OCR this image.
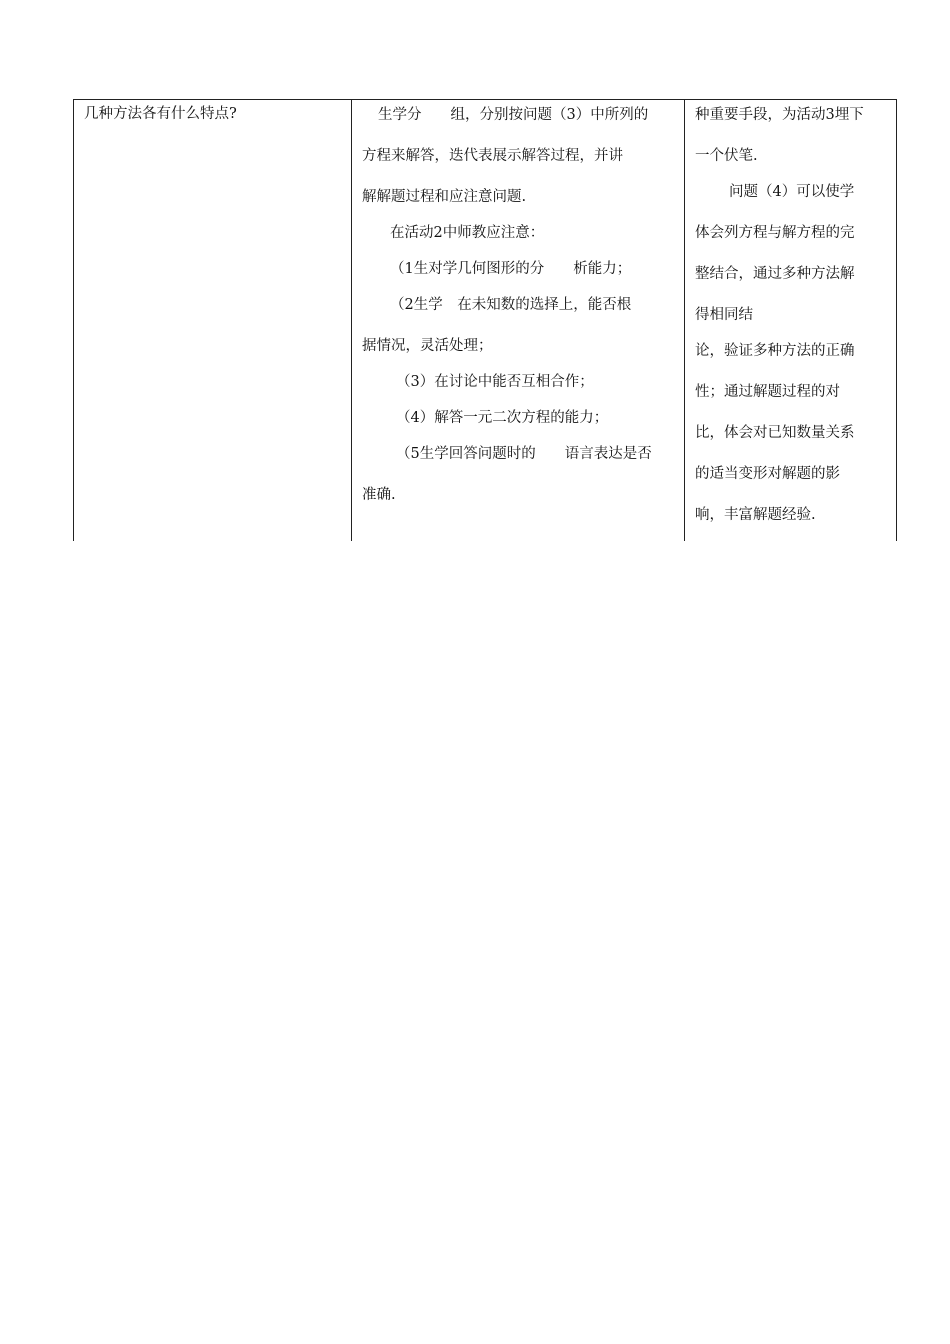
几种方法各有什么特点?	生学分　　组，分别按问题（3）中所列的
方程来解答，迭代表展示解答过程，并讲
解解题过程和应注意问题.
在活动2中师教应注意：
（1生对学几何图形的分　　析能力；
（2生学　在未知数的选择上，能否根
据情况，灵活处理；
（3）在讨论中能否互相合作；
（4）解答一元二次方程的能力；
（5生学回答问题时的　　语言表达是否
准确.
种重要手段，为活动3埋下
一个伏笔.
问题（4）可以使学
体会列方程与解方程的完
整结合，通过多种方法解
得相同结
论，验证多种方法的正确
性；通过解题过程的对
比，体会对已知数量关系
的适当变形对解题的影
响，丰富解题经验.
